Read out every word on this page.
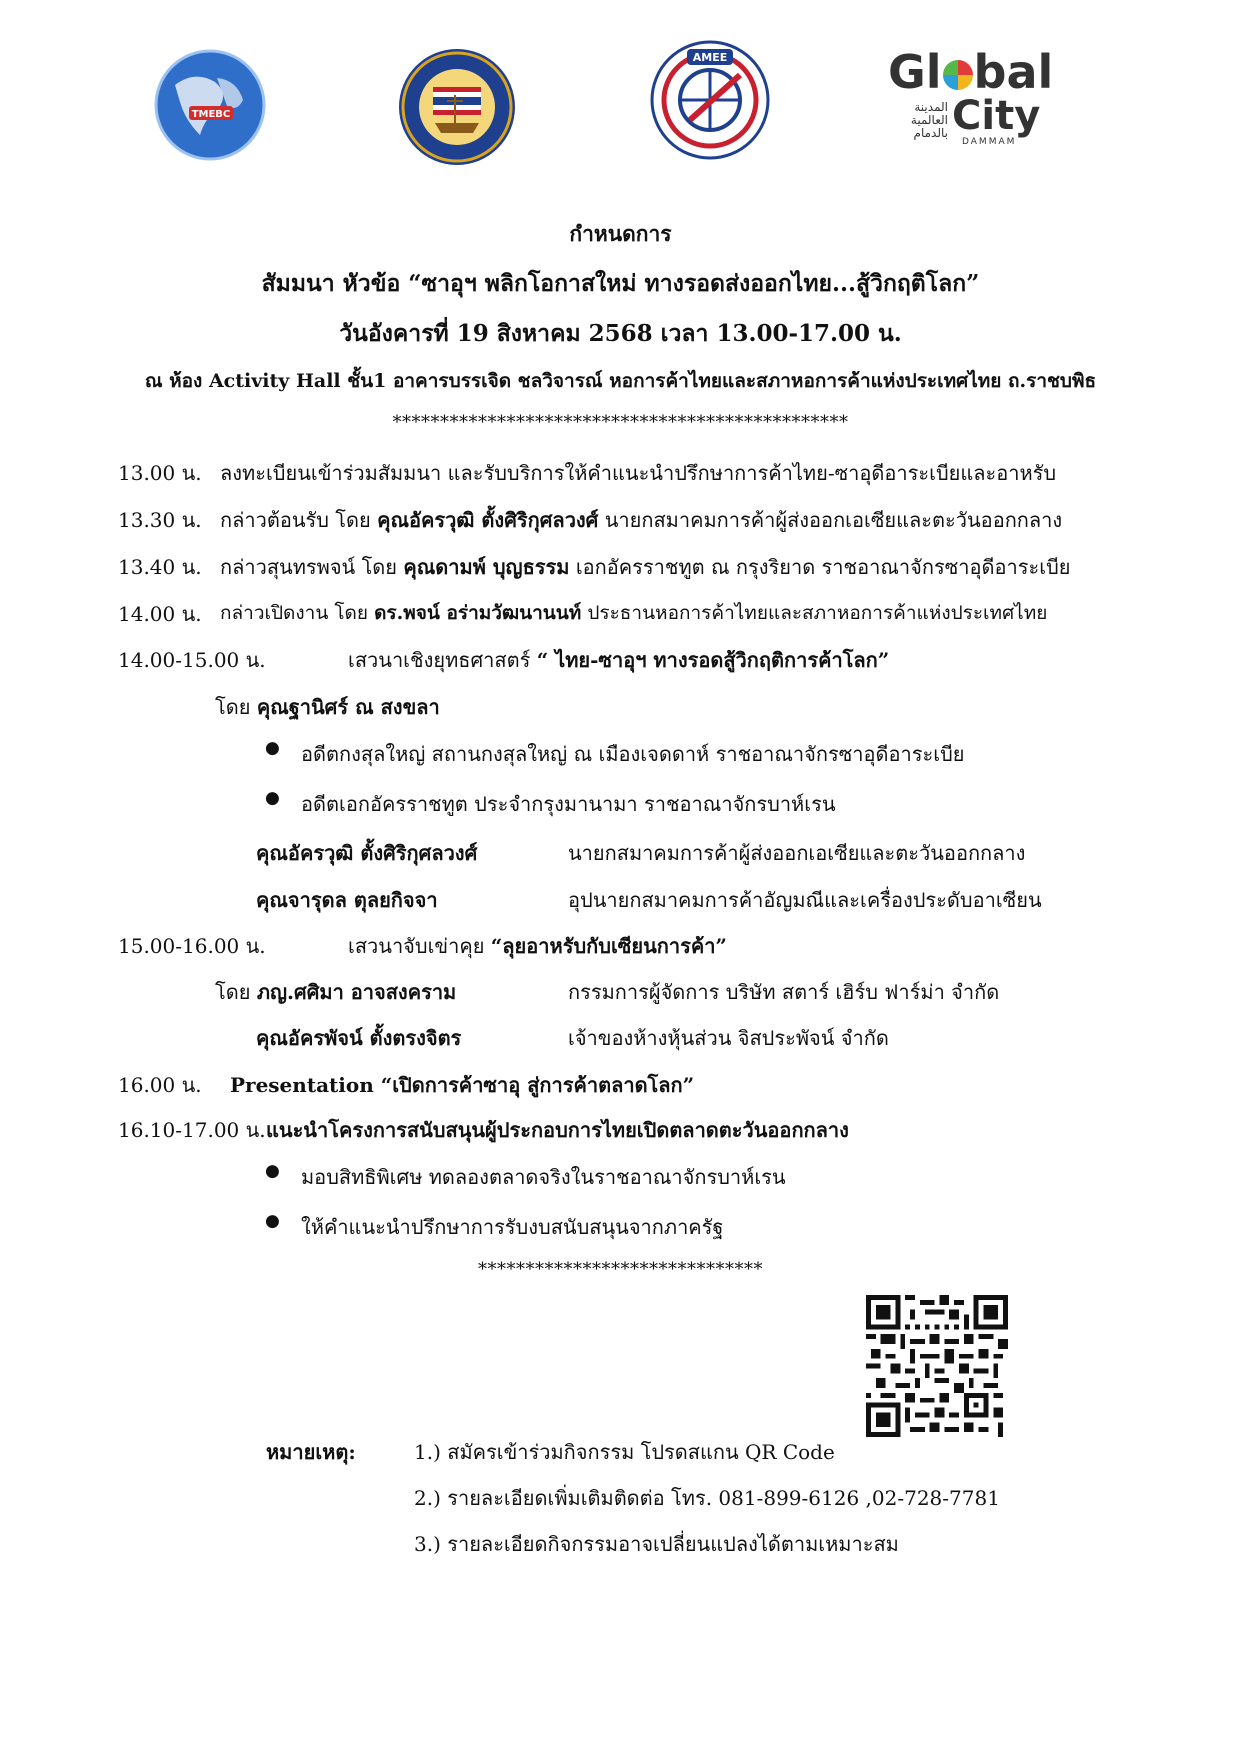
TMEBC
AMEE	Gl bal
المدينة العالمية بالدمام City
DAMMAM
กำหนดการ
สัมมนา หัวข้อ “ซาอุฯ พลิกโอกาสใหม่ ทางรอดส่งออกไทย...สู้วิกฤติโลก”
วันอังคารที่ 19 สิงหาคม 2568 เวลา 13.00-17.00 น.
ณ ห้อง Activity Hall ชั้น1 อาคารบรรเจิด ชลวิจารณ์ หอการค้าไทยและสภาหอการค้าแห่งประเทศไทย ถ.ราชบพิธ
************************************************
13.00 น. ลงทะเบียนเข้าร่วมสัมมนา และรับบริการให้คำแนะนำปรึกษาการค้าไทย-ซาอุดีอาระเบียและอาหรับ
13.30 น. กล่าวต้อนรับ โดย คุณอัครวุฒิ ตั้งศิริกุศลวงศ์ นายกสมาคมการค้าผู้ส่งออกเอเซียและตะวันออกกลาง
13.40 น. กล่าวสุนทรพจน์ โดย คุณดามพ์ บุญธรรม เอกอัครราชทูต ณ กรุงริยาด ราชอาณาจักรซาอุดีอาระเบีย
14.00 น. กล่าวเปิดงาน โดย ดร.พจน์ อร่ามวัฒนานนท์ ประธานหอการค้าไทยและสภาหอการค้าแห่งประเทศไทย
14.00-15.00 น.	เสวนาเชิงยุทธศาสตร์ “ ไทย-ซาอุฯ ทางรอดสู้วิกฤติการค้าโลก”
โดย คุณฐานิศร์ ณ สงขลา
● อดีตกงสุลใหญ่ สถานกงสุลใหญ่ ณ เมืองเจดดาห์ ราชอาณาจักรซาอุดีอาระเบีย
● อดีตเอกอัครราชทูต ประจำกรุงมานามา ราชอาณาจักรบาห์เรน
คุณอัครวุฒิ ตั้งศิริกุศลวงศ์	นายกสมาคมการค้าผู้ส่งออกเอเซียและตะวันออกกลาง
คุณจารุดล ตุลยกิจจา	อุปนายกสมาคมการค้าอัญมณีและเครื่องประดับอาเซียน
15.00-16.00 น.	เสวนาจับเข่าคุย “ลุยอาหรับกับเซียนการค้า”
โดย ภญ.ศศิมา อาจสงคราม	กรรมการผู้จัดการ บริษัท สตาร์ เฮิร์บ ฟาร์ม่า จำกัด
คุณอัครพัจน์ ตั้งตรงจิตร	เจ้าของห้างหุ้นส่วน จิสประพัจน์ จำกัด
16.00 น. Presentation “เปิดการค้าซาอุ สู่การค้าตลาดโลก”
16.10-17.00 น. แนะนำโครงการสนับสนุนผู้ประกอบการไทยเปิดตลาดตะวันออกกลาง
● มอบสิทธิพิเศษ ทดลองตลาดจริงในราชอาณาจักรบาห์เรน
● ให้คำแนะนำปรึกษาการรับงบสนับสนุนจากภาครัฐ
******************************
หมายเหตุ:	1.) สมัครเข้าร่วมกิจกรรม โปรดสแกน QR Code
2.) รายละเอียดเพิ่มเติมติดต่อ โทร. 081-899-6126 ,02-728-7781
3.) รายละเอียดกิจกรรมอาจเปลี่ยนแปลงได้ตามเหมาะสม
